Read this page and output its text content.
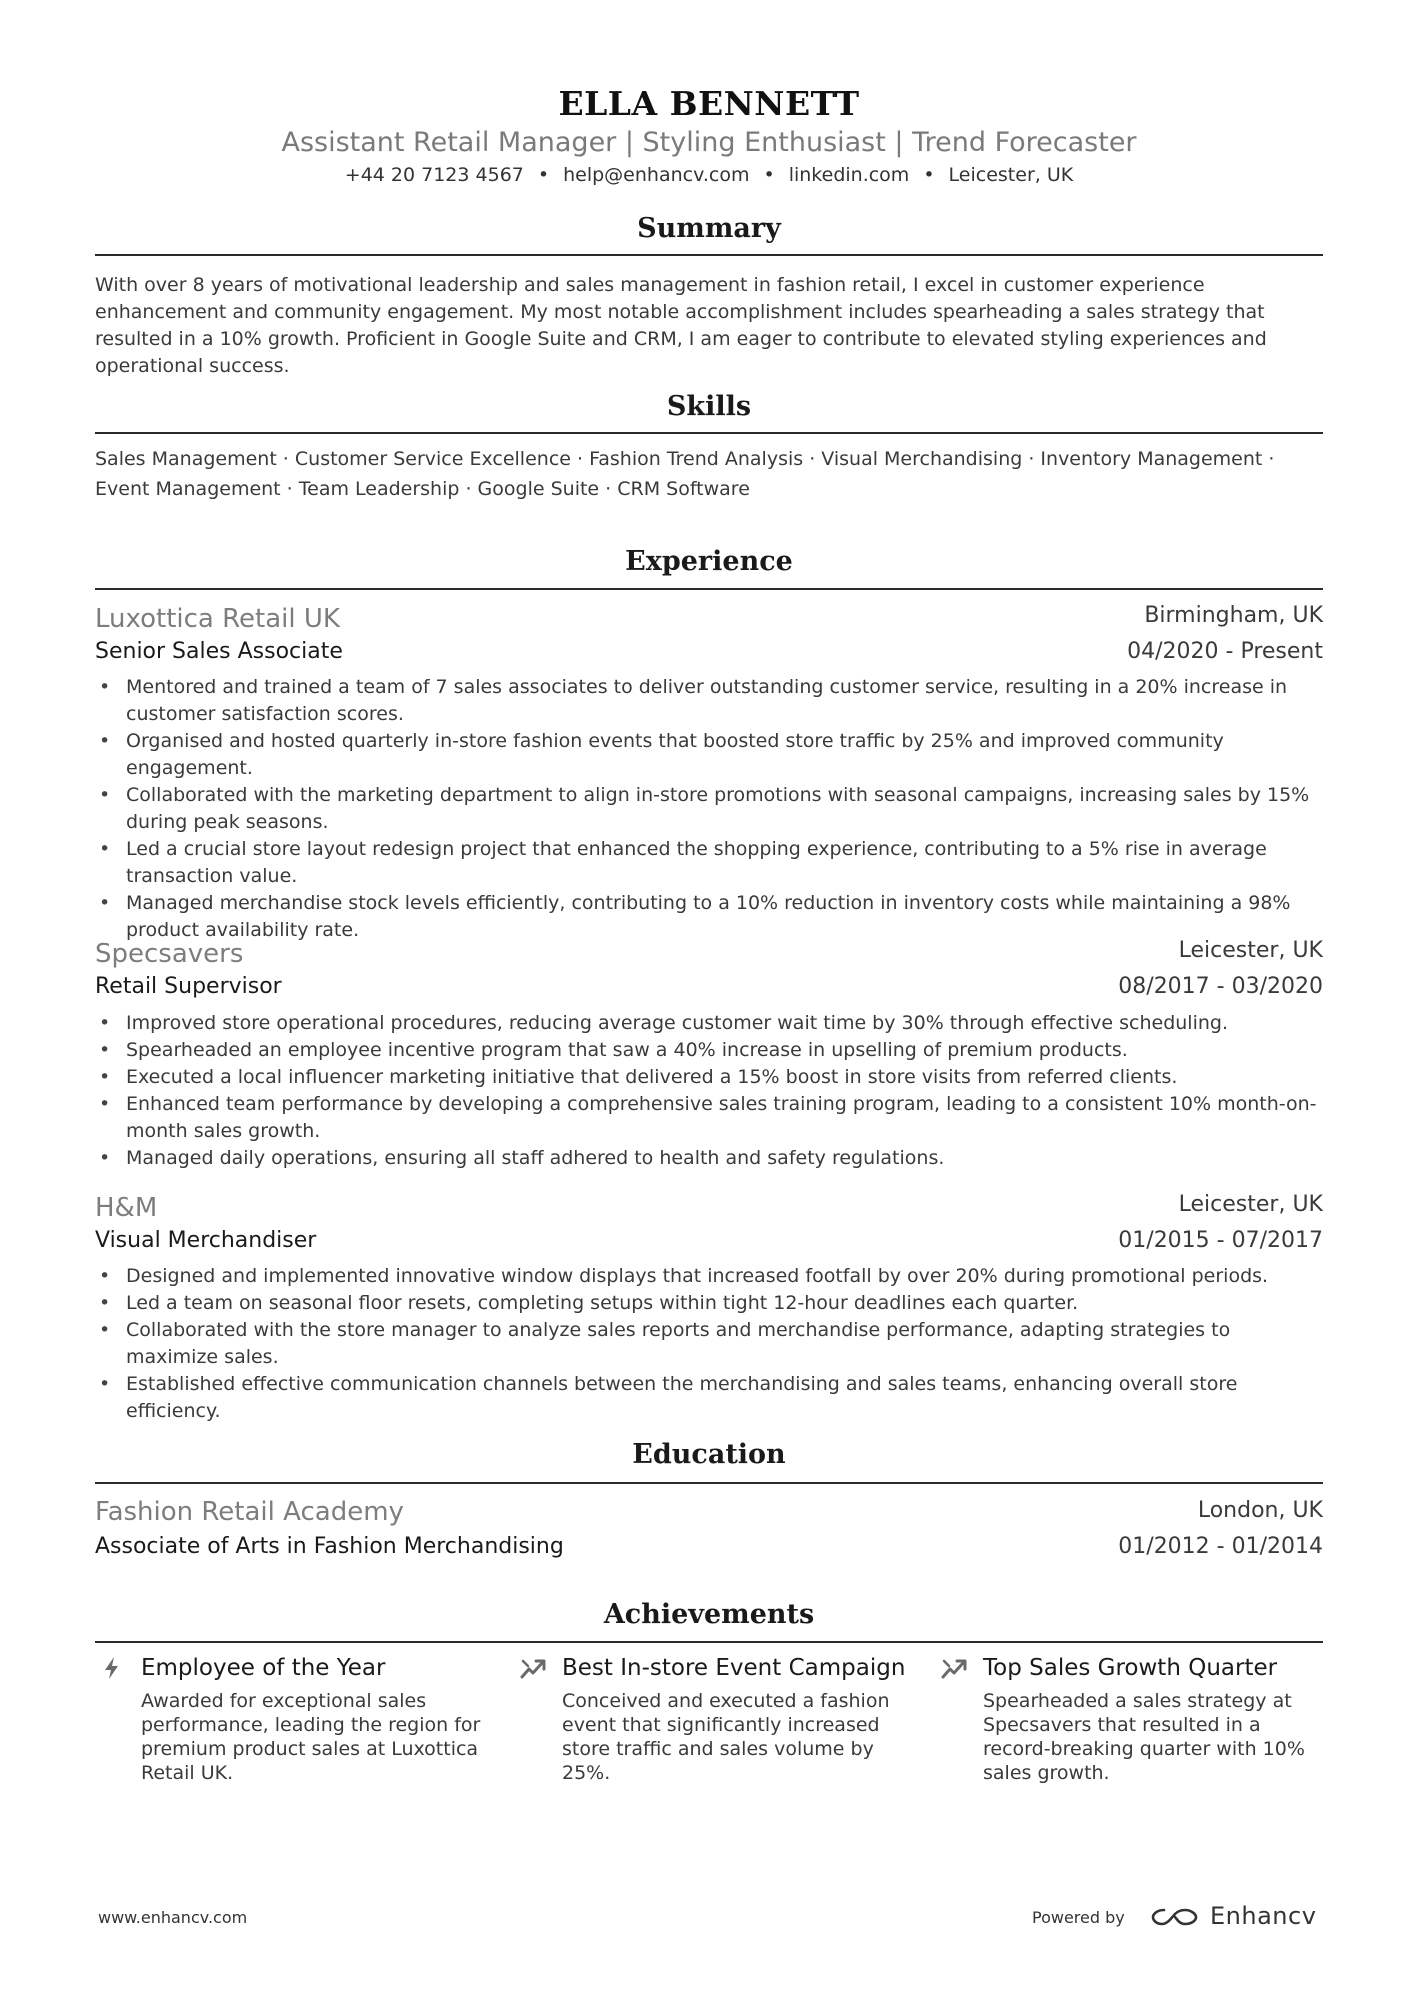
ELLA BENNETT
Assistant Retail Manager | Styling Enthusiast | Trend Forecaster
+44 20 7123 4567 • help@enhancv.com • linkedin.com • Leicester, UK
Summary
With over 8 years of motivational leadership and sales management in fashion retail, I excel in customer experience enhancement and community engagement. My most notable accomplishment includes spearheading a sales strategy that resulted in a 10% growth. Proficient in Google Suite and CRM, I am eager to contribute to elevated styling experiences and operational success.
Skills
Sales Management · Customer Service Excellence · Fashion Trend Analysis · Visual Merchandising · Inventory Management ·
Event Management · Team Leadership · Google Suite · CRM Software
Experience
Luxottica Retail UK	Birmingham, UK
Senior Sales Associate	04/2020 - Present
• Mentored and trained a team of 7 sales associates to deliver outstanding customer service, resulting in a 20% increase in customer satisfaction scores.
• Organised and hosted quarterly in-store fashion events that boosted store traffic by 25% and improved community engagement.
• Collaborated with the marketing department to align in-store promotions with seasonal campaigns, increasing sales by 15% during peak seasons.
• Led a crucial store layout redesign project that enhanced the shopping experience, contributing to a 5% rise in average transaction value.
• Managed merchandise stock levels efficiently, contributing to a 10% reduction in inventory costs while maintaining a 98% product availability rate.
Specsavers	Leicester, UK
Retail Supervisor	08/2017 - 03/2020
• Improved store operational procedures, reducing average customer wait time by 30% through effective scheduling.
• Spearheaded an employee incentive program that saw a 40% increase in upselling of premium products.
• Executed a local influencer marketing initiative that delivered a 15% boost in store visits from referred clients.
• Enhanced team performance by developing a comprehensive sales training program, leading to a consistent 10% month-on-month sales growth.
• Managed daily operations, ensuring all staff adhered to health and safety regulations.
H&M	Leicester, UK
Visual Merchandiser	01/2015 - 07/2017
• Designed and implemented innovative window displays that increased footfall by over 20% during promotional periods.
• Led a team on seasonal floor resets, completing setups within tight 12-hour deadlines each quarter.
• Collaborated with the store manager to analyze sales reports and merchandise performance, adapting strategies to maximize sales.
• Established effective communication channels between the merchandising and sales teams, enhancing overall store efficiency.
Education
Fashion Retail Academy	London, UK
Associate of Arts in Fashion Merchandising	01/2012 - 01/2014
Achievements
Employee of the Year
Awarded for exceptional sales performance, leading the region for premium product sales at Luxottica Retail UK.
Best In-store Event Campaign
Conceived and executed a fashion event that significantly increased store traffic and sales volume by 25%.
Top Sales Growth Quarter
Spearheaded a sales strategy at Specsavers that resulted in a record-breaking quarter with 10% sales growth.
www.enhancv.com	Powered by	Enhancv
